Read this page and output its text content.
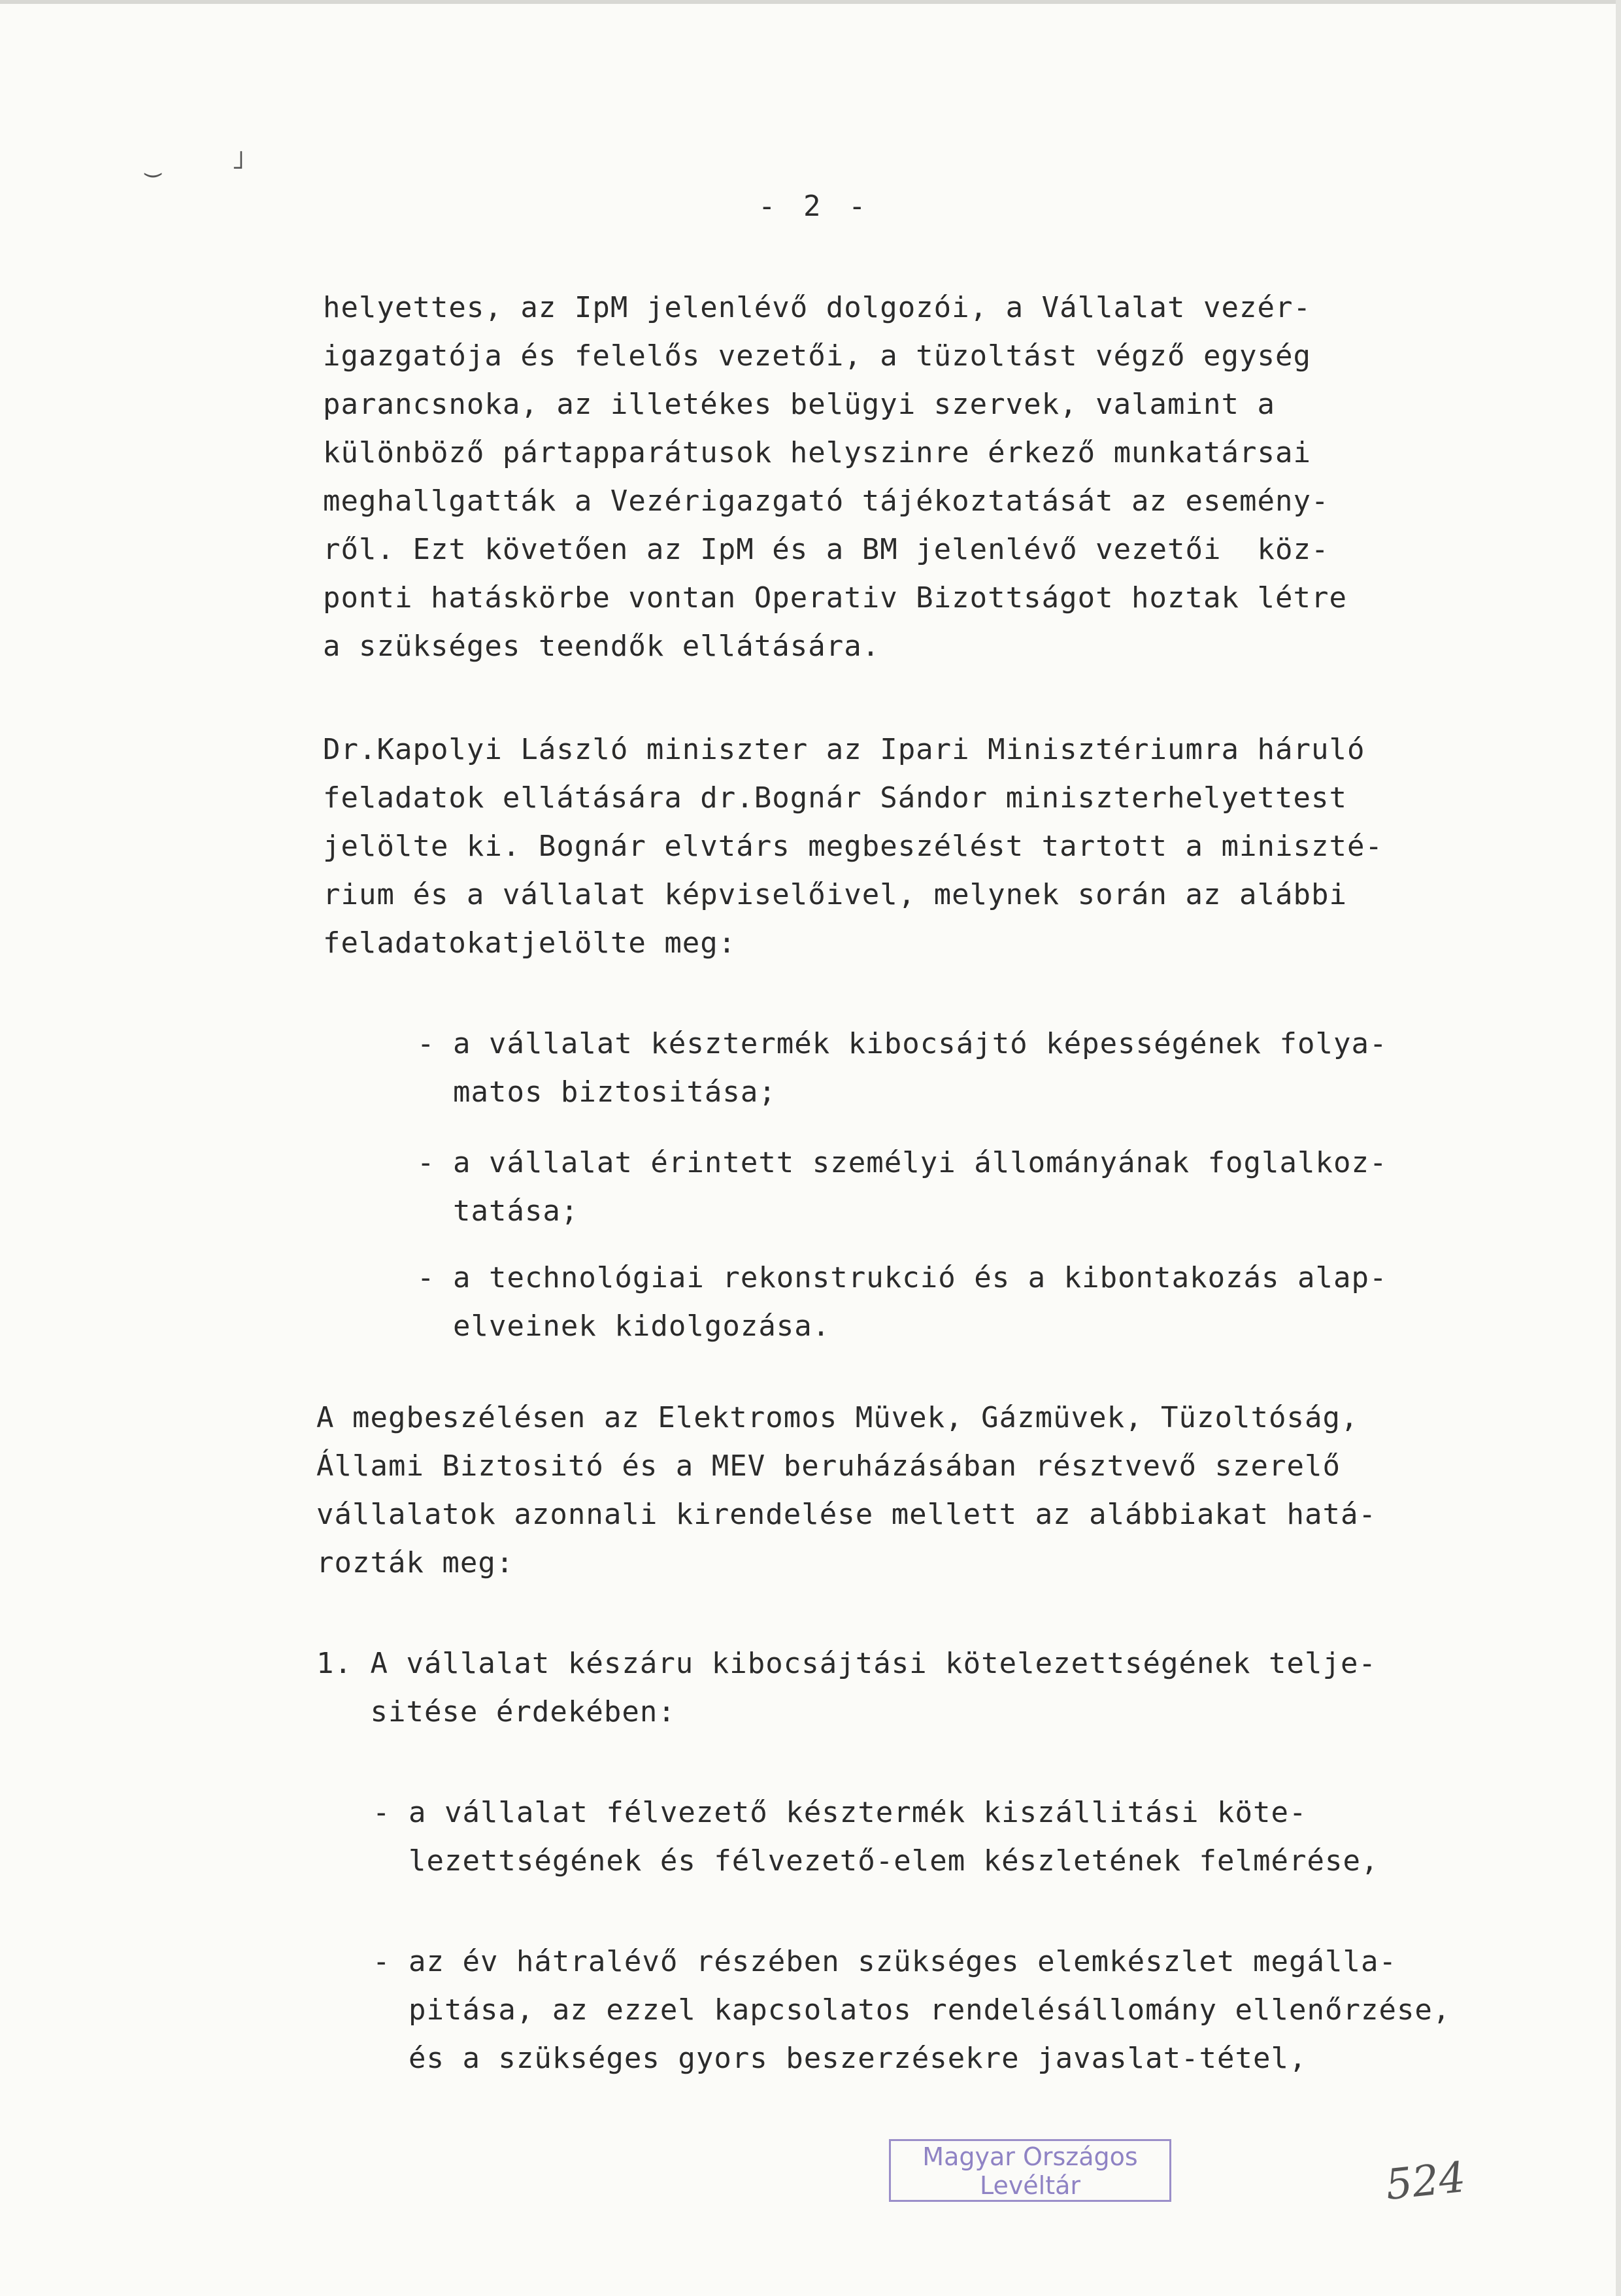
‿	˩
- 2 -
helyettes, az IpM jelenlévő dolgozói, a Vállalat vezér-
igazgatója és felelős vezetői, a tüzoltást végző egység
parancsnoka, az illetékes belügyi szervek, valamint a
különböző pártapparátusok helyszinre érkező munkatársai
meghallgatták a Vezérigazgató tájékoztatását az esemény-
ről. Ezt követően az IpM és a BM jelenlévő vezetői  köz-
ponti hatáskörbe vontan Operativ Bizottságot hoztak létre
a szükséges teendők ellátására.
Dr.Kapolyi László miniszter az Ipari Minisztériumra háruló
feladatok ellátására dr.Bognár Sándor miniszterhelyettest
jelölte ki. Bognár elvtárs megbeszélést tartott a miniszté-
rium és a vállalat képviselőivel, melynek során az alábbi
feladatokatjelölte meg:
- a vállalat késztermék kibocsájtó képességének folya-
matos biztositása;
- a vállalat érintett személyi állományának foglalkoz-
tatása;
- a technológiai rekonstrukció és a kibontakozás alap-
elveinek kidolgozása.
A megbeszélésen az Elektromos Müvek, Gázmüvek, Tüzoltóság,
Állami Biztositó és a MEV beruházásában résztvevő szerelő
vállalatok azonnali kirendelése mellett az alábbiakat hatá-
rozták meg:
1. A vállalat készáru kibocsájtási kötelezettségének telje-
sitése érdekében:
- a vállalat félvezető késztermék kiszállitási köte-
lezettségének és félvezető-elem készletének felmérése,
- az év hátralévő részében szükséges elemkészlet megálla-
pitása, az ezzel kapcsolatos rendelésállomány ellenőrzése,
és a szükséges gyors beszerzésekre javaslat-tétel,
Magyar Országos
Levéltár	524
